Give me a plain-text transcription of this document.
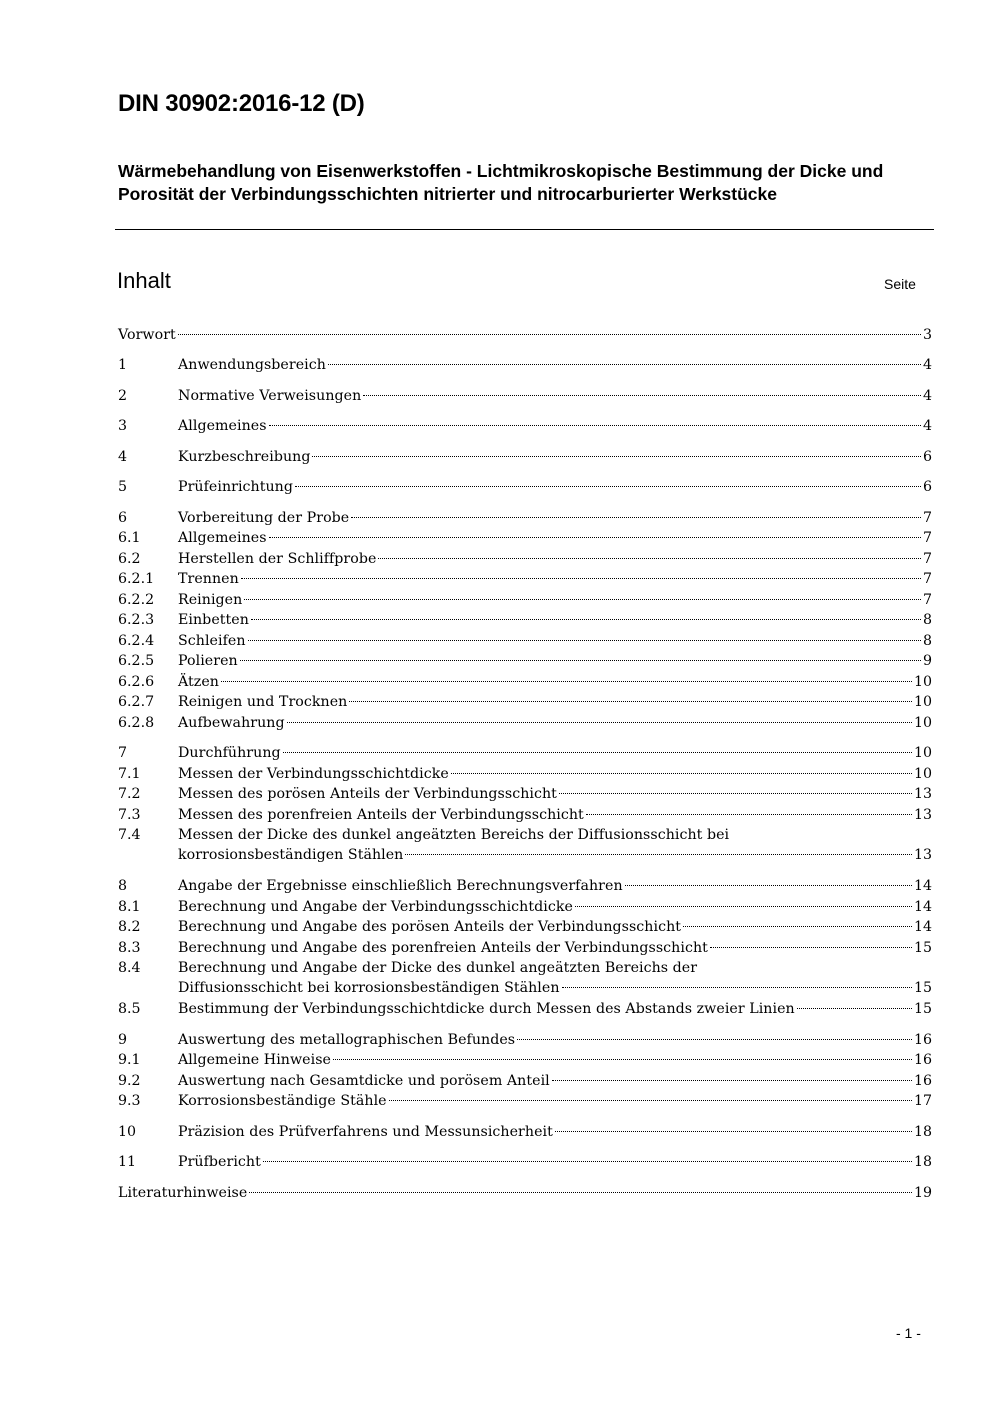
DIN 30902:2016-12 (D)
Wärmebehandlung von Eisenwerkstoffen - Lichtmikroskopische Bestimmung der Dicke und Porosität der Verbindungsschichten nitrierter und nitrocarburierter Werkstücke
Inhalt	Seite
Vorwort	3
1	Anwendungsbereich	4
2	Normative Verweisungen	4
3	Allgemeines	4
4	Kurzbeschreibung	6
5	Prüfeinrichtung	6
6	Vorbereitung der Probe	7
6.1	Allgemeines	7
6.2	Herstellen der Schliffprobe	7
6.2.1	Trennen	7
6.2.2	Reinigen	7
6.2.3	Einbetten	8
6.2.4	Schleifen	8
6.2.5	Polieren	9
6.2.6	Ätzen	10
6.2.7	Reinigen und Trocknen	10
6.2.8	Aufbewahrung	10
7	Durchführung	10
7.1	Messen der Verbindungsschichtdicke	10
7.2	Messen des porösen Anteils der Verbindungsschicht	13
7.3	Messen des porenfreien Anteils der Verbindungsschicht	13
7.4	Messen der Dicke des dunkel angeätzten Bereichs der Diffusionsschicht bei
korrosionsbeständigen Stählen	13
8	Angabe der Ergebnisse einschließlich Berechnungsverfahren	14
8.1	Berechnung und Angabe der Verbindungsschichtdicke	14
8.2	Berechnung und Angabe des porösen Anteils der Verbindungsschicht	14
8.3	Berechnung und Angabe des porenfreien Anteils der Verbindungsschicht	15
8.4	Berechnung und Angabe der Dicke des dunkel angeätzten Bereichs der
Diffusionsschicht bei korrosionsbeständigen Stählen	15
8.5	Bestimmung der Verbindungsschichtdicke durch Messen des Abstands zweier Linien	15
9	Auswertung des metallographischen Befundes	16
9.1	Allgemeine Hinweise	16
9.2	Auswertung nach Gesamtdicke und porösem Anteil	16
9.3	Korrosionsbeständige Stähle	17
10	Präzision des Prüfverfahrens und Messunsicherheit	18
11	Prüfbericht	18
Literaturhinweise	19
- 1 -
